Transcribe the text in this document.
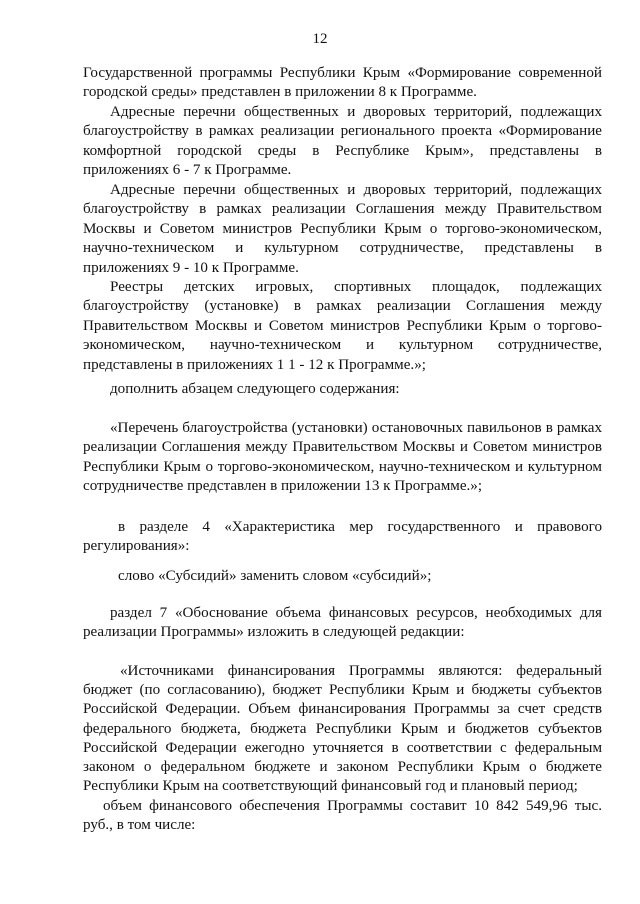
12

Государственной программы Республики Крым «Формирование современной городской среды» представлен в приложении 8 к Программе.

Адресные перечни общественных и дворовых территорий, подлежащих благоустройству в рамках реализации регионального проекта «Формирование комфортной городской среды в Республике Крым», представлены в приложениях 6 - 7 к Программе.

Адресные перечни общественных и дворовых территорий, подлежащих благоустройству в рамках реализации Соглашения между Правительством Москвы и Советом министров Республики Крым о торгово-экономическом, научно-техническом и культурном сотрудничестве, представлены в приложениях 9 - 10 к Программе.

Реестры детских игровых, спортивных площадок, подлежащих благоустройству (установке) в рамках реализации Соглашения между Правительством Москвы и Советом министров Республики Крым о торгово-экономическом, научно-техническом и культурном сотрудничестве, представлены в приложениях 1 1 - 12 к Программе.»;

дополнить абзацем следующего содержания:

«Перечень благоустройства (установки) остановочных павильонов в рамках реализации Соглашения между Правительством Москвы и Советом министров Республики Крым о торгово-экономическом, научно-техническом и культурном сотрудничестве представлен в приложении 13 к Программе.»;

в разделе 4 «Характеристика мер государственного и правового регулирования»:

слово «Субсидий» заменить словом «субсидий»;

раздел 7 «Обоснование объема финансовых ресурсов, необходимых для реализации Программы» изложить в следующей редакции:

«Источниками финансирования Программы являются: федеральный бюджет (по согласованию), бюджет Республики Крым и бюджеты субъектов Российской Федерации. Объем финансирования Программы за счет средств федерального бюджета, бюджета Республики Крым и бюджетов субъектов Российской Федерации ежегодно уточняется в соответствии с федеральным законом о федеральном бюджете и законом Республики Крым о бюджете Республики Крым на соответствующий финансовый год и плановый период;

объем финансового обеспечения Программы составит 10 842 549,96 тыс. руб., в том числе:
